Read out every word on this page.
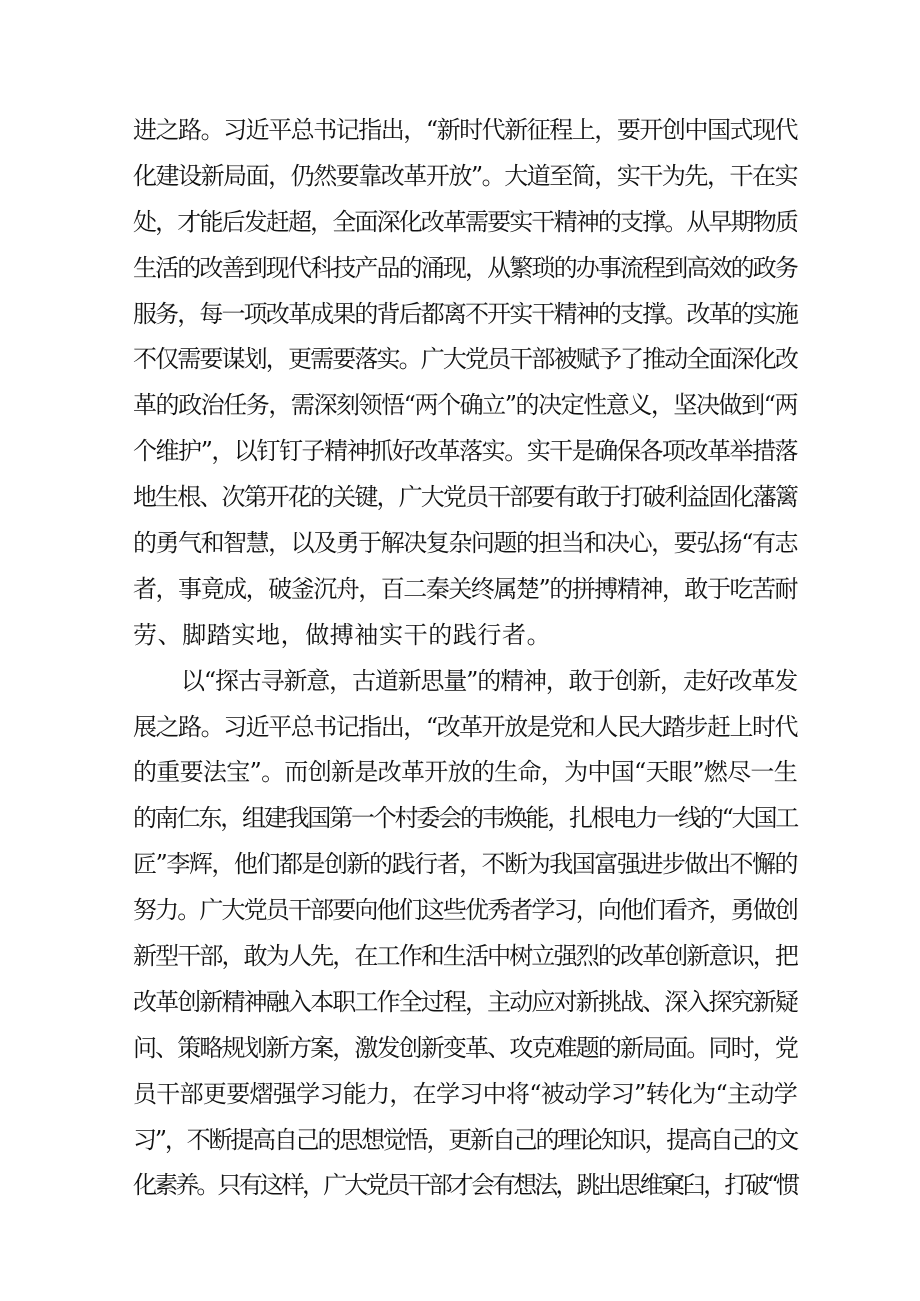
进之路。习近平总书记指出，“新时代新征程上，要开创中国式现代
化建设新局面，仍然要靠改革开放”。大道至简，实干为先，干在实
处，才能后发赶超，全面深化改革需要实干精神的支撑。从早期物质
生活的改善到现代科技产品的涌现，从繁琐的办事流程到高效的政务
服务，每一项改革成果的背后都离不开实干精神的支撑。改革的实施
不仅需要谋划，更需要落实。广大党员干部被赋予了推动全面深化改
革的政治任务，需深刻领悟“两个确立”的决定性意义，坚决做到“两
个维护”，以钉钉子精神抓好改革落实。实干是确保各项改革举措落
地生根、次第开花的关键，广大党员干部要有敢于打破利益固化藩篱
的勇气和智慧，以及勇于解决复杂问题的担当和决心，要弘扬“有志
者，事竟成，破釜沉舟，百二秦关终属楚”的拼搏精神，敢于吃苦耐
劳、脚踏实地，做搏袖实干的践行者。
以“探古寻新意，古道新思量”的精神，敢于创新，走好改革发
展之路。习近平总书记指出，“改革开放是党和人民大踏步赶上时代
的重要法宝”。而创新是改革开放的生命，为中国“天眼”燃尽一生
的南仁东，组建我国第一个村委会的韦焕能，扎根电力一线的“大国工
匠”李辉，他们都是创新的践行者，不断为我国富强进步做出不懈的
努力。广大党员干部要向他们这些优秀者学习，向他们看齐，勇做创
新型干部，敢为人先，在工作和生活中树立强烈的改革创新意识，把
改革创新精神融入本职工作全过程，主动应对新挑战、深入探究新疑
问、策略规划新方案，激发创新变革、攻克难题的新局面。同时，党
员干部更要熠强学习能力，在学习中将“被动学习”转化为“主动学
习”，不断提高自己的思想觉悟，更新自己的理论知识，提高自己的文
化素养。只有这样，广大党员干部才会有想法，跳出思维窠臼，打破“惯
